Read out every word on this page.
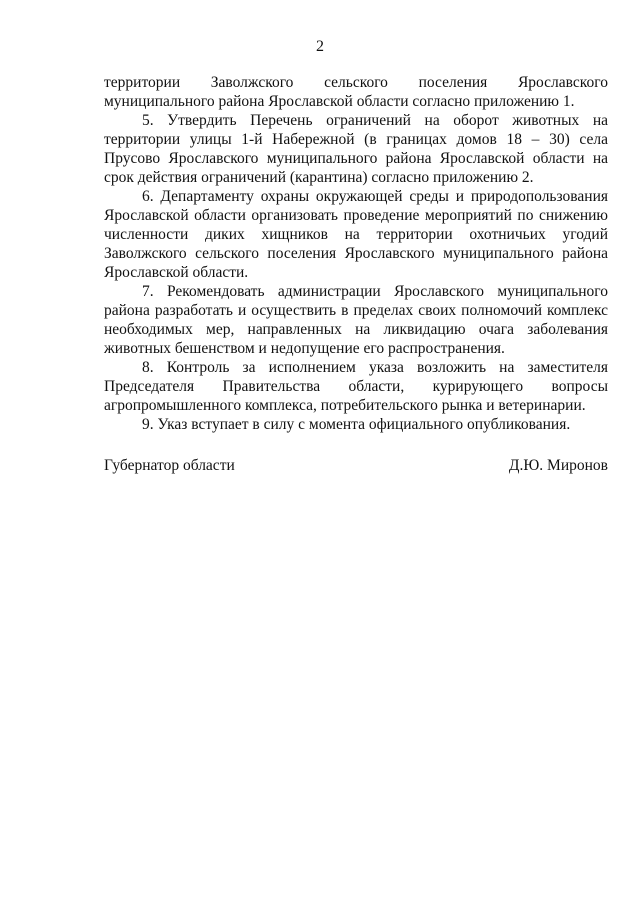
2

территории Заволжского сельского поселения Ярославского муниципального района Ярославской области согласно приложению 1.

5. Утвердить Перечень ограничений на оборот животных на территории улицы 1-й Набережной (в границах домов 18 – 30) села Прусово Ярославского муниципального района Ярославской области на срок действия ограничений (карантина) согласно приложению 2.

6. Департаменту охраны окружающей среды и природопользования Ярославской области организовать проведение мероприятий по снижению численности диких хищников на территории охотничьих угодий Заволжского сельского поселения Ярославского муниципального района Ярославской области.

7. Рекомендовать администрации Ярославского муниципального района разработать и осуществить в пределах своих полномочий комплекс необходимых мер, направленных на ликвидацию очага заболевания животных бешенством и недопущение его распространения.

8. Контроль за исполнением указа возложить на заместителя Председателя Правительства области, курирующего вопросы агропромышленного комплекса, потребительского рынка и ветеринарии.

9. Указ вступает в силу с момента официального опубликования.

Губернатор области	Д.Ю. Миронов
